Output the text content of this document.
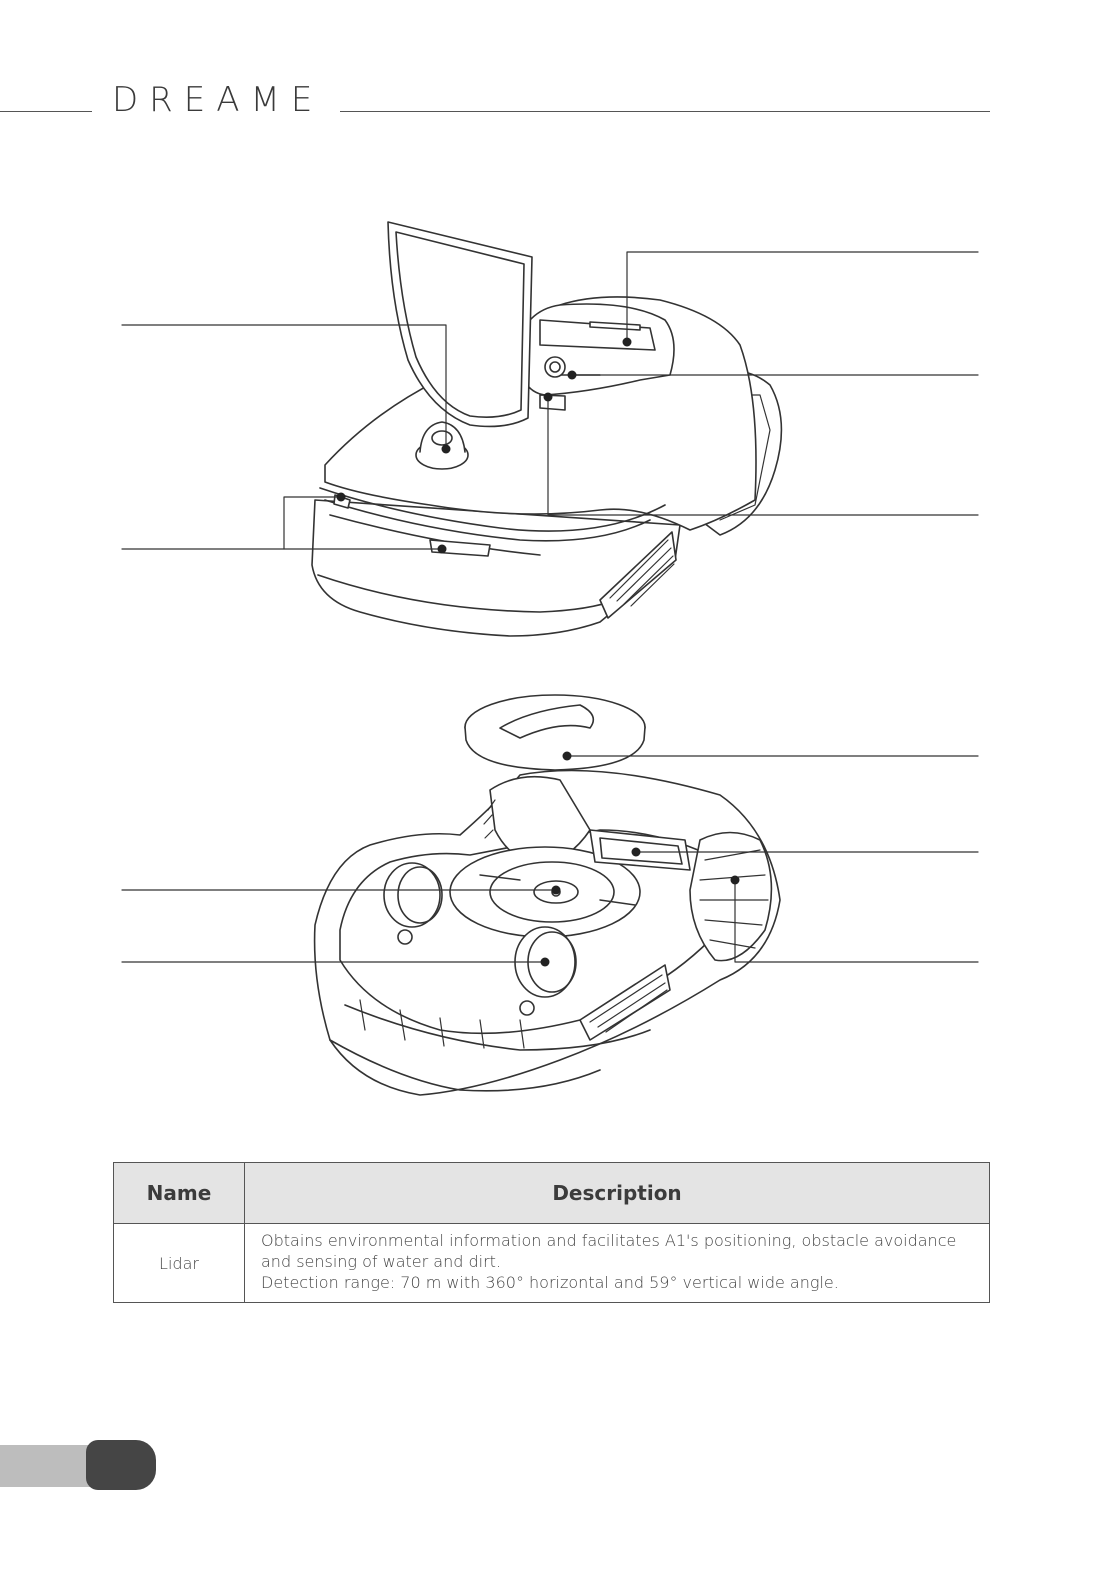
DREAME
Name	Description
Lidar	Obtains environmental information and facilitates A1's positioning, obstacle avoidance
and sensing of water and dirt.
Detection range: 70 m with 360° horizontal and 59° vertical wide angle.
